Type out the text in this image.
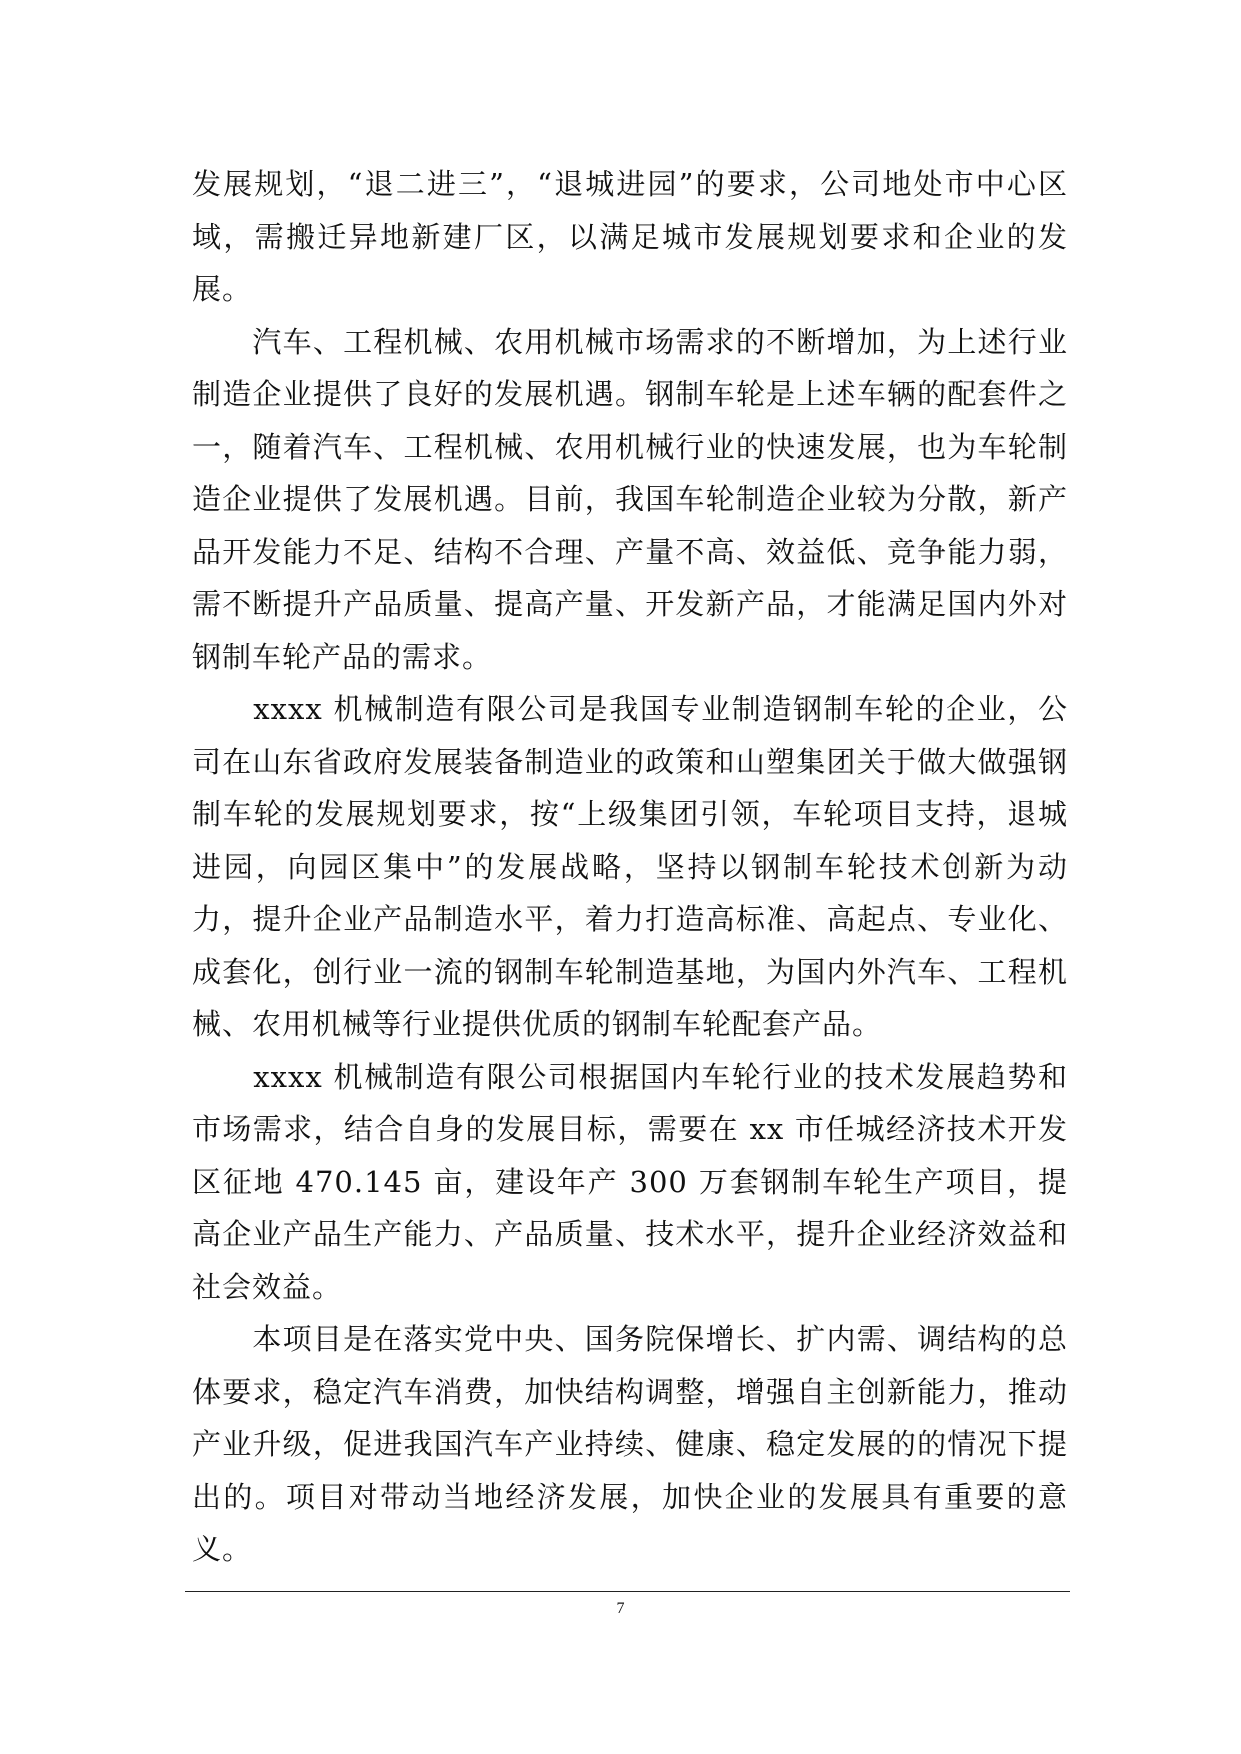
发展规划，“退二进三”，“退城进园”的要求，公司地处市中心区域，需搬迁异地新建厂区，以满足城市发展规划要求和企业的发展。

　　汽车、工程机械、农用机械市场需求的不断增加，为上述行业制造企业提供了良好的发展机遇。钢制车轮是上述车辆的配套件之一，随着汽车、工程机械、农用机械行业的快速发展，也为车轮制造企业提供了发展机遇。目前，我国车轮制造企业较为分散，新产品开发能力不足、结构不合理、产量不高、效益低、竞争能力弱，需不断提升产品质量、提高产量、开发新产品，才能满足国内外对钢制车轮产品的需求。

　　xxxx 机械制造有限公司是我国专业制造钢制车轮的企业，公司在山东省政府发展装备制造业的政策和山塑集团关于做大做强钢制车轮的发展规划要求，按“上级集团引领，车轮项目支持，退城进园，向园区集中”的发展战略，坚持以钢制车轮技术创新为动力，提升企业产品制造水平，着力打造高标准、高起点、专业化、成套化，创行业一流的钢制车轮制造基地，为国内外汽车、工程机械、农用机械等行业提供优质的钢制车轮配套产品。

　　xxxx 机械制造有限公司根据国内车轮行业的技术发展趋势和市场需求，结合自身的发展目标，需要在 xx 市任城经济技术开发区征地 470.145 亩，建设年产 300 万套钢制车轮生产项目，提高企业产品生产能力、产品质量、技术水平，提升企业经济效益和社会效益。

　　本项目是在落实党中央、国务院保增长、扩内需、调结构的总体要求，稳定汽车消费，加快结构调整，增强自主创新能力，推动产业升级，促进我国汽车产业持续、健康、稳定发展的的情况下提出的。项目对带动当地经济发展，加快企业的发展具有重要的意义。

7
